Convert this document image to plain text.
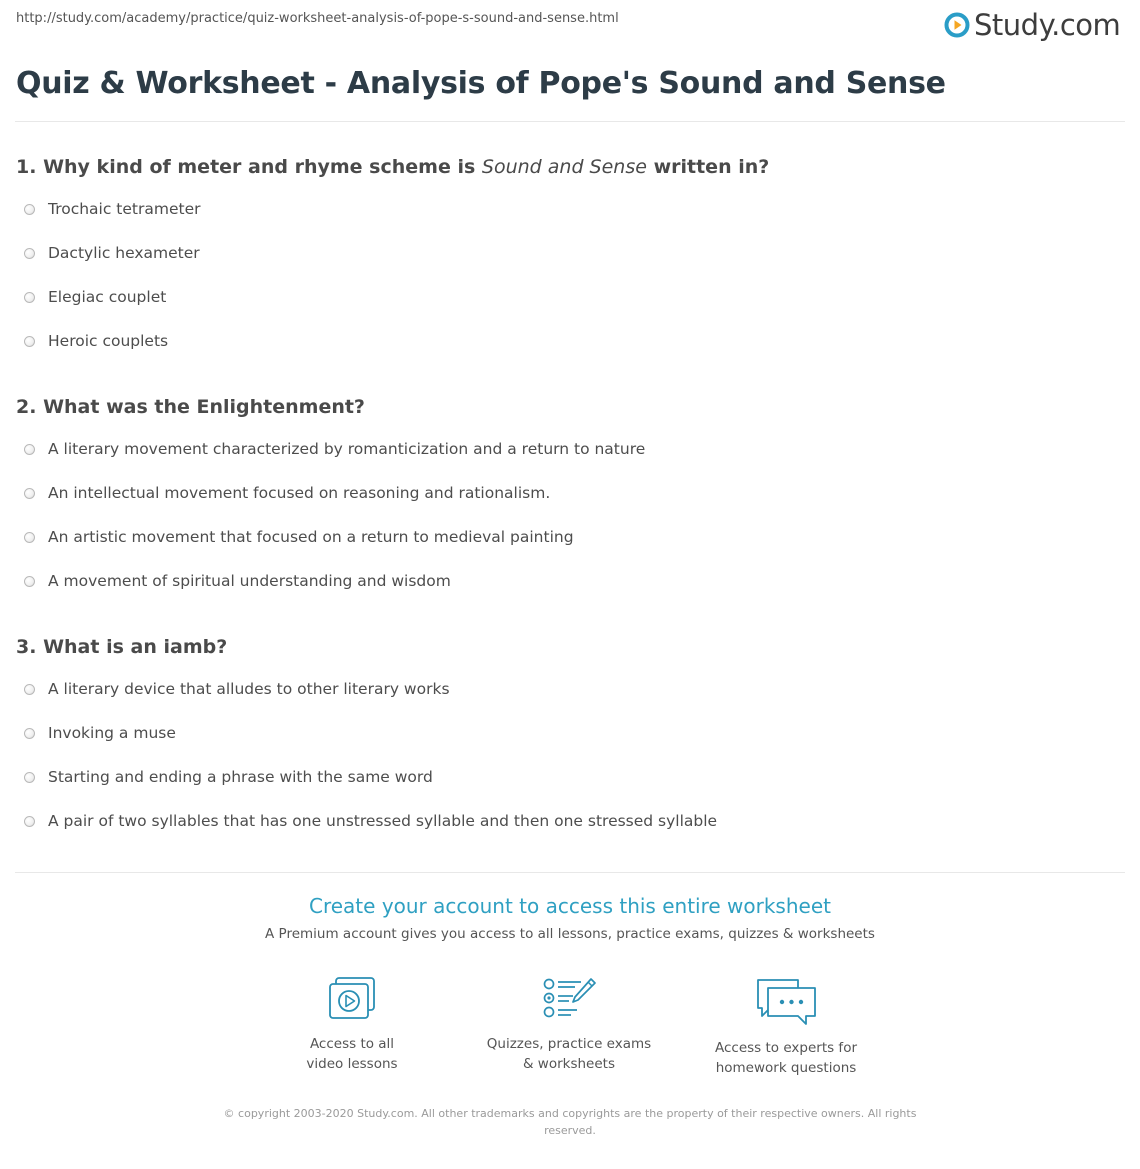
http://study.com/academy/practice/quiz-worksheet-analysis-of-pope-s-sound-and-sense.html	Study.com
Quiz & Worksheet - Analysis of Pope's Sound and Sense

1. Why kind of meter and rhyme scheme is Sound and Sense written in?

Trochaic tetrameter
Dactylic hexameter
Elegiac couplet
Heroic couplets

2. What was the Enlightenment?

A literary movement characterized by romanticization and a return to nature
An intellectual movement focused on reasoning and rationalism.
An artistic movement that focused on a return to medieval painting
A movement of spiritual understanding and wisdom

3. What is an iamb?

A literary device that alludes to other literary works
Invoking a muse
Starting and ending a phrase with the same word
A pair of two syllables that has one unstressed syllable and then one stressed syllable
Create your account to access this entire worksheet
A Premium account gives you access to all lessons, practice exams, quizzes & worksheets
Access to all
video lessons
Quizzes, practice exams
& worksheets
Access to experts for
homework questions
© copyright 2003-2020 Study.com. All other trademarks and copyrights are the property of their respective owners. All rights reserved.
